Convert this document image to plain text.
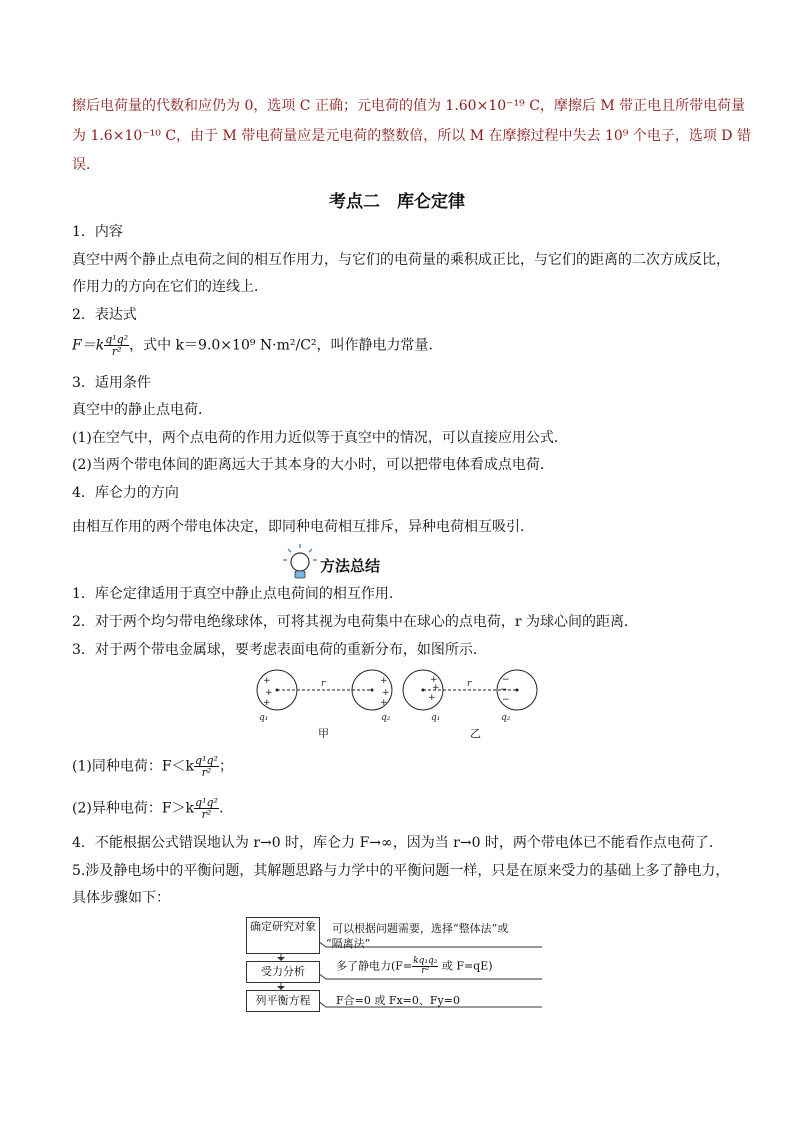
擦后电荷量的代数和应仍为 0，选项 C 正确；元电荷的值为 1.60×10⁻¹⁹ C，摩擦后 M 带正电且所带电荷量
为 1.6×10⁻¹⁰ C，由于 M 带电荷量应是元电荷的整数倍，所以 M 在摩擦过程中失去 10⁹ 个电子，选项 D 错
误．
考点二　库仑定律
1．内容
真空中两个静止点电荷之间的相互作用力，与它们的电荷量的乘积成正比，与它们的距离的二次方成反比，
作用力的方向在它们的连线上．
2．表达式
$F=k \frac{\text{q¹q²}}{\text{r²}}$ ，式中 k＝9.0×10⁹ N·m²/C²，叫作静电力常量．
3．适用条件
真空中的静止点电荷．
(1)在空气中，两个点电荷的作用力近似等于真空中的情况，可以直接应用公式．
(2)当两个带电体间的距离远大于其本身的大小时，可以把带电体看成点电荷．
4．库仑力的方向
由相互作用的两个带电体决定，即同种电荷相互排斥，异种电荷相互吸引．
方法总结
1．库仑定律适用于真空中静止点电荷间的相互作用．
2．对于两个均匀带电绝缘球体，可将其视为电荷集中在球心的点电荷，r 为球心间的距离．
3．对于两个带电金属球，要考虑表面电荷的重新分布，如图所示．
+
+
+
+
+
+
+
+
+
−
−
−
r	r
q₁	q₂	q₁	q₂
甲	乙
(1)同种电荷：$F<k \frac{\text{q¹q²}}{\text{r²}}$ ；
(2)异种电荷：$F>k \frac{\text{q¹q²}}{\text{r²}}$ .
4．不能根据公式错误地认为 r→0 时，库仑力 F→∞，因为当 r→0 时，两个带电体已不能看作点电荷了．
5.涉及静电场中的平衡问题，其解题思路与力学中的平衡问题一样，只是在原来受力的基础上多了静电力，
具体步骤如下：
确定研究对象
受力分析
列平衡方程
可以根据问题需要，选择“整体法”或
“隔离法”
多了静电力($F= \frac{\text{kq₁q₂}}{\text{r²}}$ 或 F=qE)
F合=0 或 Fx=0、Fy=0
